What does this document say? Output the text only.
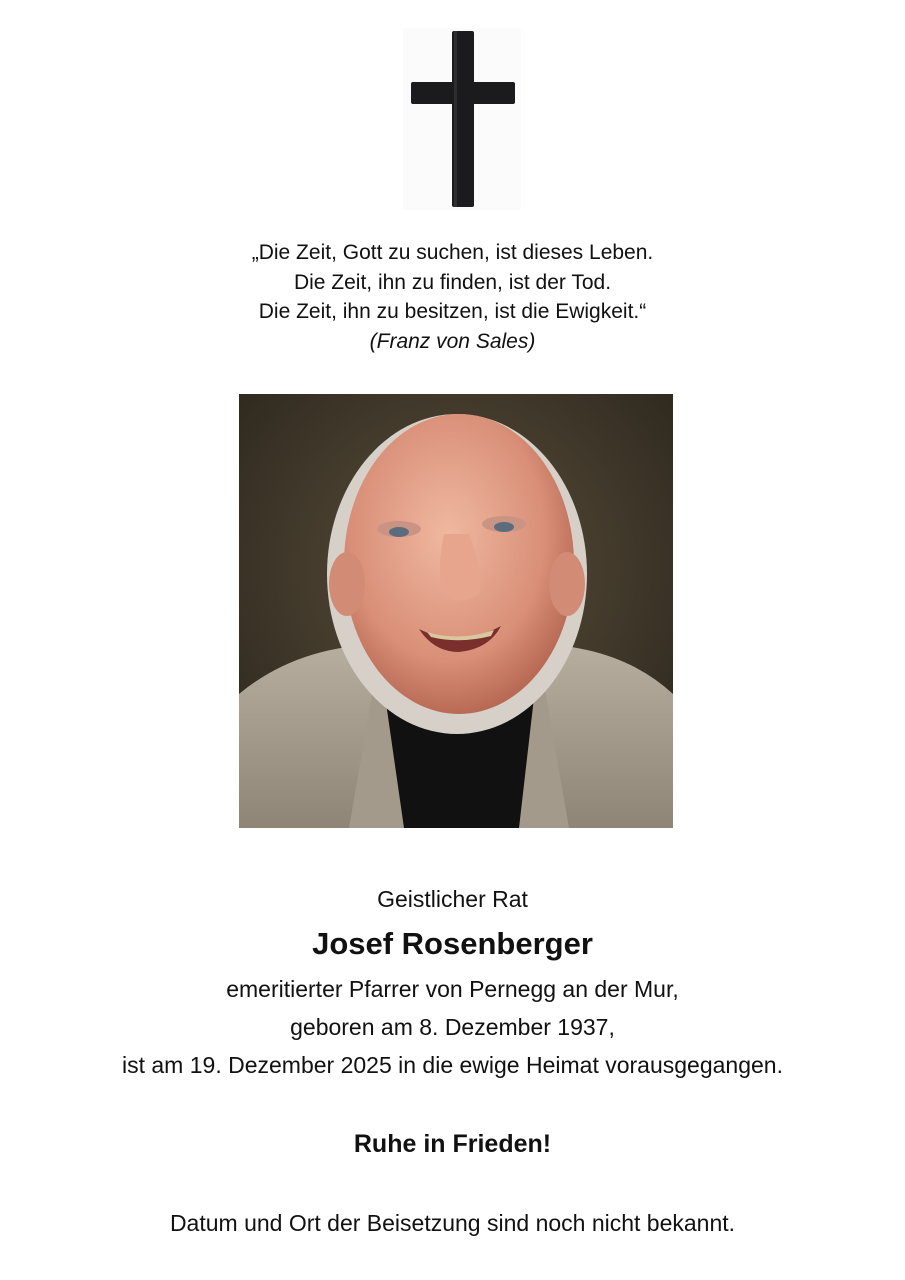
„Die Zeit, Gott zu suchen, ist dieses Leben.
Die Zeit, ihn zu finden, ist der Tod.
Die Zeit, ihn zu besitzen, ist die Ewigkeit.“
(Franz von Sales)
Geistlicher Rat
Josef Rosenberger
emeritierter Pfarrer von Pernegg an der Mur,
geboren am 8. Dezember 1937,
ist am 19. Dezember 2025 in die ewige Heimat vorausgegangen.
Ruhe in Frieden!
Datum und Ort der Beisetzung sind noch nicht bekannt.
